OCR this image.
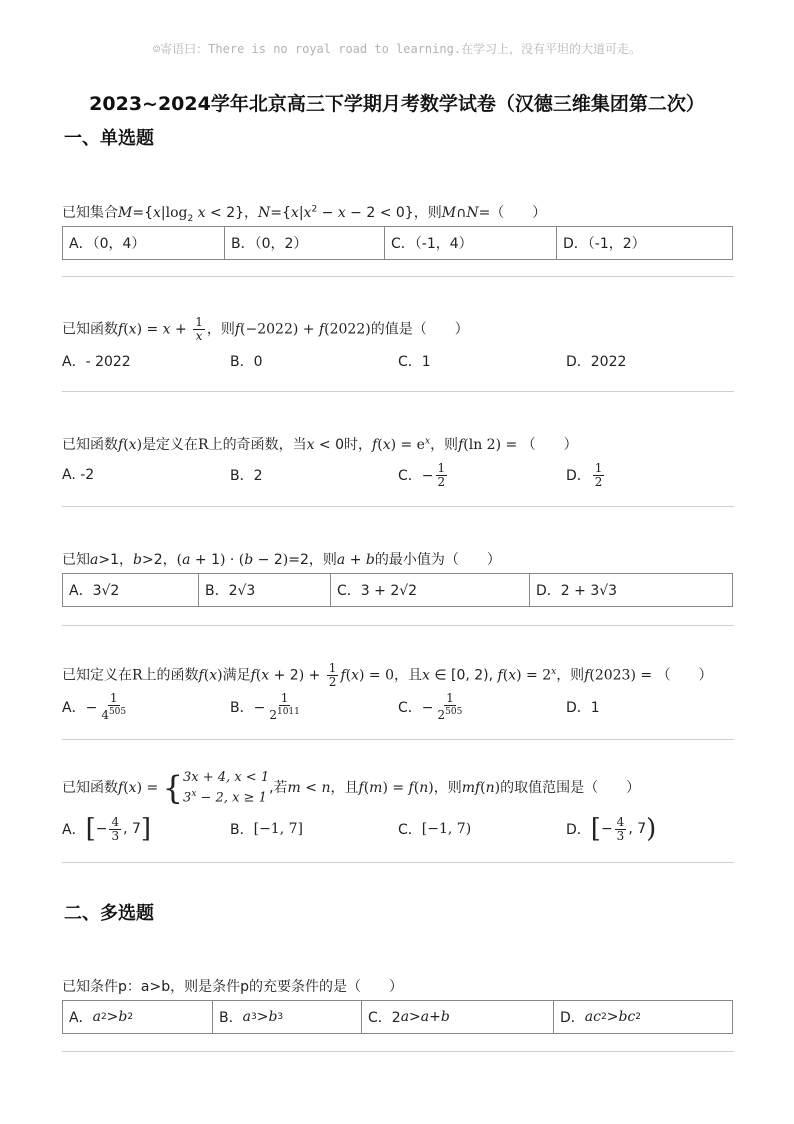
☺寄语曰：There is no royal road to learning.在学习上，没有平坦的大道可走。
2023~2024学年北京高三下学期月考数学试卷（汉德三维集团第二次）
一、单选题
已知集合$M=\{x|\log_2$ x < 2}，$N=\{x|x^2 - x - 2 < 0\}$，则M∩N=（　　）
A．（0，4）	B．（0，2）	C．（-1，4）	D．（-1，2）
已知函数$f(x) = x + \frac{1}{x}$ ，则f(−2022) + f(2022)的值是（　　）
A．- 2022	B．0	C．1	D．2022
已知函数f(x)是定义在R上的奇函数，当x < 0时，$f(x) = e^x$，则f(ln 2) = （　　）
A. -2	B．2	C．− $\frac{1}{2}$	D． $\frac{1}{2}$
已知a>1，b>2，(a + 1) · (b − 2)=2，则a + b的最小值为（　　）
A．3√2	B．2√3	C．3 + 2√2	D．2 + 3√3
已知定义在R上的函数f(x)满足$f(x + 2) + \frac{1}{2} f(x) = 0$，且x ∈ [0, 2), $f(x) = 2^x$，则f(2023) = （　　）
A．− $\frac{1}{4^{505}}$	B．− $\frac{1}{2^{1011}}$	C．− $\frac{1}{2^{505}}$	D．1
已知函数f(x) = { 3x + 4, x < 1
$3^x - 2$, x ≥ 1
,若m < n，且f(m) = f(n)，则mf(n)的取值范围是（　　）
A． [ − $\frac{4}{3}$ , 7 ]	B． [−1, 7]	C． [−1, 7)	D． [ − $\frac{4}{3}$ , 7 )
二、多选题
已知条件p：a>b，则是条件p的充要条件的是（　　）
A． a 2 > b 2	B． a 3 > b 3	C．2 a > a + b	D． ac 2 > bc 2
